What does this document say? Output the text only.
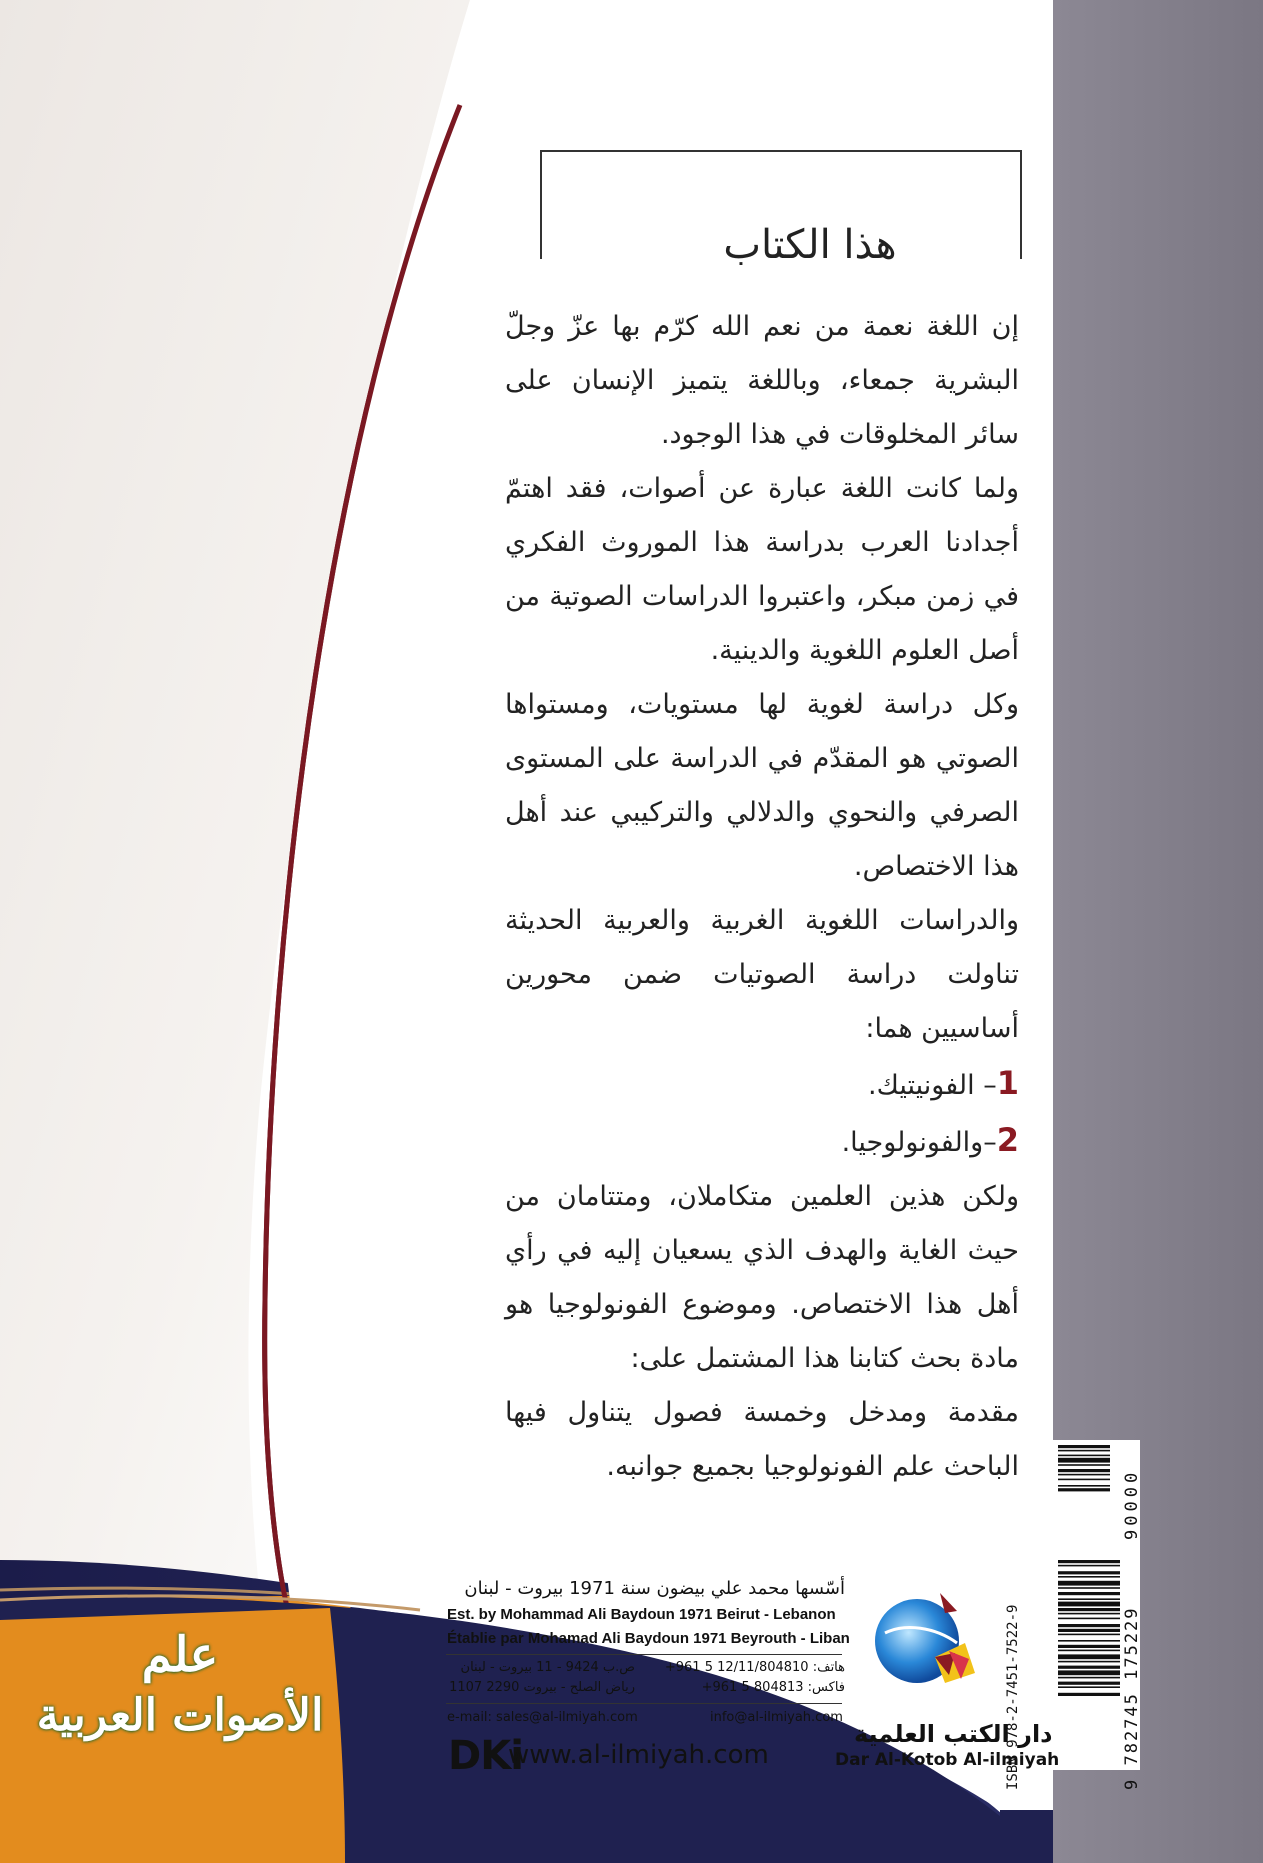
هذا الكتاب

إن اللغة نعمة من نعم الله كرّم بها عزّ وجلّ البشرية جمعاء، وباللغة يتميز الإنسان على سائر المخلوقات في هذا الوجود.

ولما كانت اللغة عبارة عن أصوات، فقد اهتمّ أجدادنا العرب بدراسة هذا الموروث الفكري في زمن مبكر، واعتبروا الدراسات الصوتية من أصل العلوم اللغوية والدينية.

وكل دراسة لغوية لها مستويات، ومستواها الصوتي هو المقدّم في الدراسة على المستوى الصرفي والنحوي والدلالي والتركيبي عند أهل هذا الاختصاص.

والدراسات اللغوية الغربية والعربية الحديثة تناولت دراسة الصوتيات ضمن محورين أساسيين هما:

1– الفونيتيك.

2–والفونولوجيا.

ولكن هذين العلمين متكاملان، ومتتامان من حيث الغاية والهدف الذي يسعيان إليه في رأي أهل هذا الاختصاص. وموضوع الفونولوجيا هو مادة بحث كتابنا هذا المشتمل على:

مقدمة ومدخل وخمسة فصول يتناول فيها الباحث علم الفونولوجيا بجميع جوانبه.

ISBN 978-2-7451-7522-9	9 782745 175229
90000
أسّسها محمد علي بيضون سنة 1971 بيروت - لبنان
Est. by Mohammad Ali Baydoun 1971 Beirut - Lebanon
Établie par Mohamad Ali Baydoun 1971 Beyrouth - Liban
هاتف: 12/11/804810 5 961+
ص.ب 9424 - 11 بيروت - لبنان
فاكس: 804813 5 961+
رياض الصلح - بيروت 2290 1107
e-mail: sales@al-ilmiyah.com	info@al-ilmiyah.com
DKi
www.al-ilmiyah.com
دار الكتب العلمية
Dar Al-Kotob Al-ilmiyah
علم
الأصوات العربية
